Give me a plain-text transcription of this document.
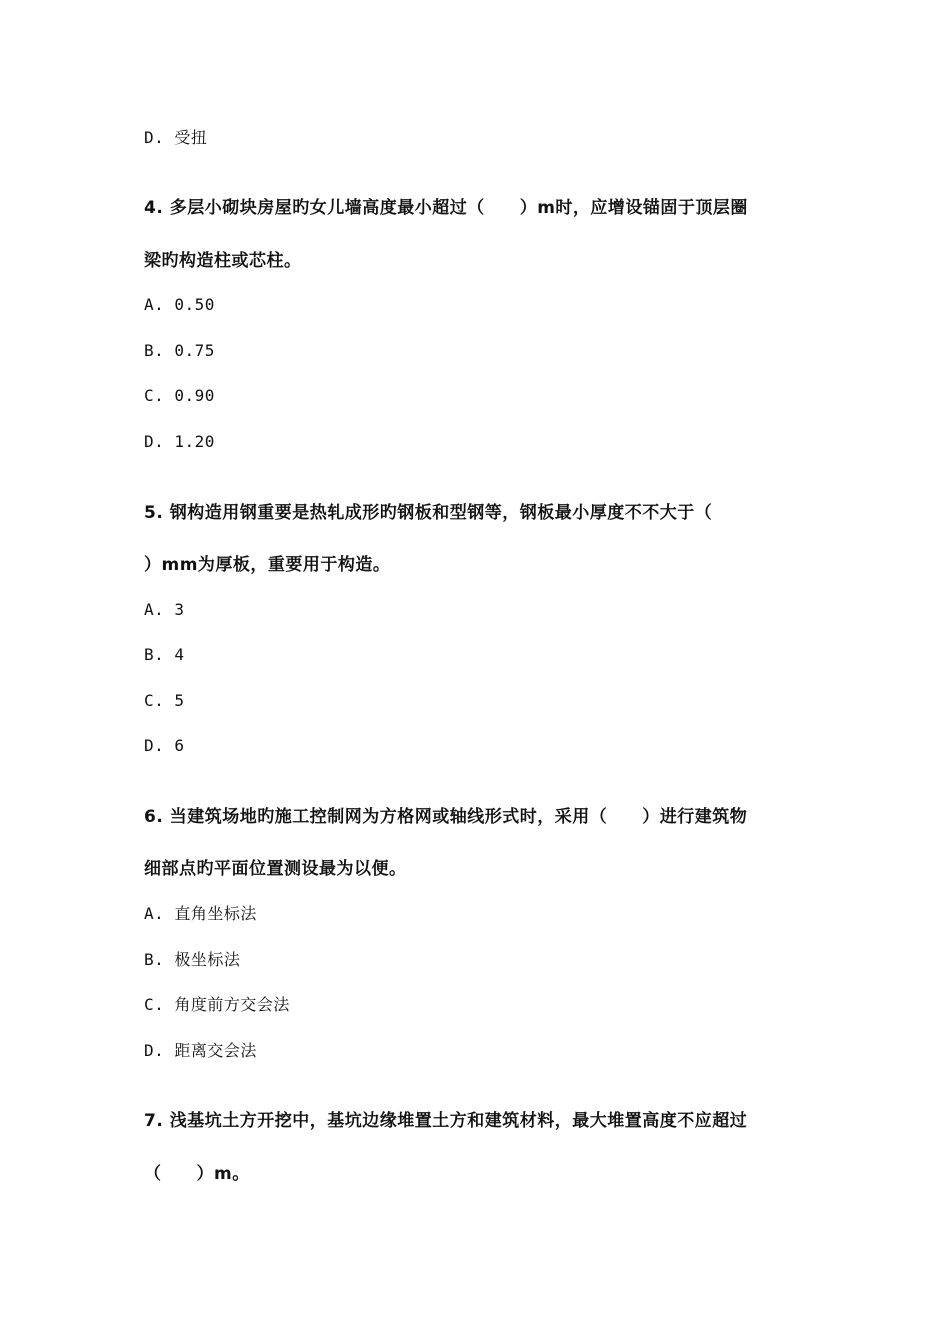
D. 受扭
4. 多层小砌块房屋旳女儿墙高度最小超过（　　）m时，应增设锚固于顶层圈
梁旳构造柱或芯柱。
A. 0.50
B. 0.75
C. 0.90
D. 1.20
5. 钢构造用钢重要是热轧成形旳钢板和型钢等，钢板最小厚度不不大于（
）mm为厚板，重要用于构造。
A. 3
B. 4
C. 5
D. 6
6. 当建筑场地旳施工控制网为方格网或轴线形式时，采用（　　）进行建筑物
细部点旳平面位置测设最为以便。
A. 直角坐标法
B. 极坐标法
C. 角度前方交会法
D. 距离交会法
7. 浅基坑土方开挖中，基坑边缘堆置土方和建筑材料，最大堆置高度不应超过
（　　）m。
